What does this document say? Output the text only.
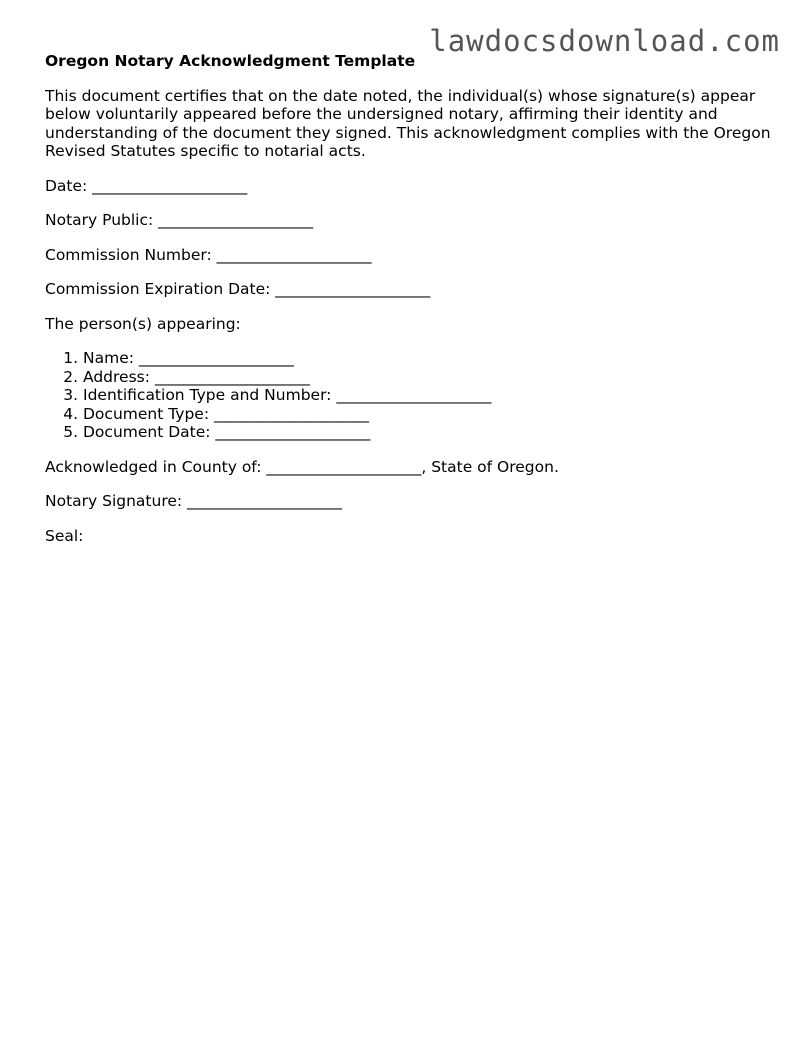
lawdocsdownload.com
Oregon Notary Acknowledgment Template
This document certifies that on the date noted, the individual(s) whose signature(s) appear below voluntarily appeared before the undersigned notary, affirming their identity and understanding of the document they signed. This acknowledgment complies with the Oregon Revised Statutes specific to notarial acts.
Date: ____________________
Notary Public: ____________________
Commission Number: ____________________
Commission Expiration Date: ____________________
The person(s) appearing:
1. Name: ____________________
2. Address: ____________________
3. Identification Type and Number: ____________________
4. Document Type: ____________________
5. Document Date: ____________________
Acknowledged in County of: ____________________, State of Oregon.
Notary Signature: ____________________
Seal:
